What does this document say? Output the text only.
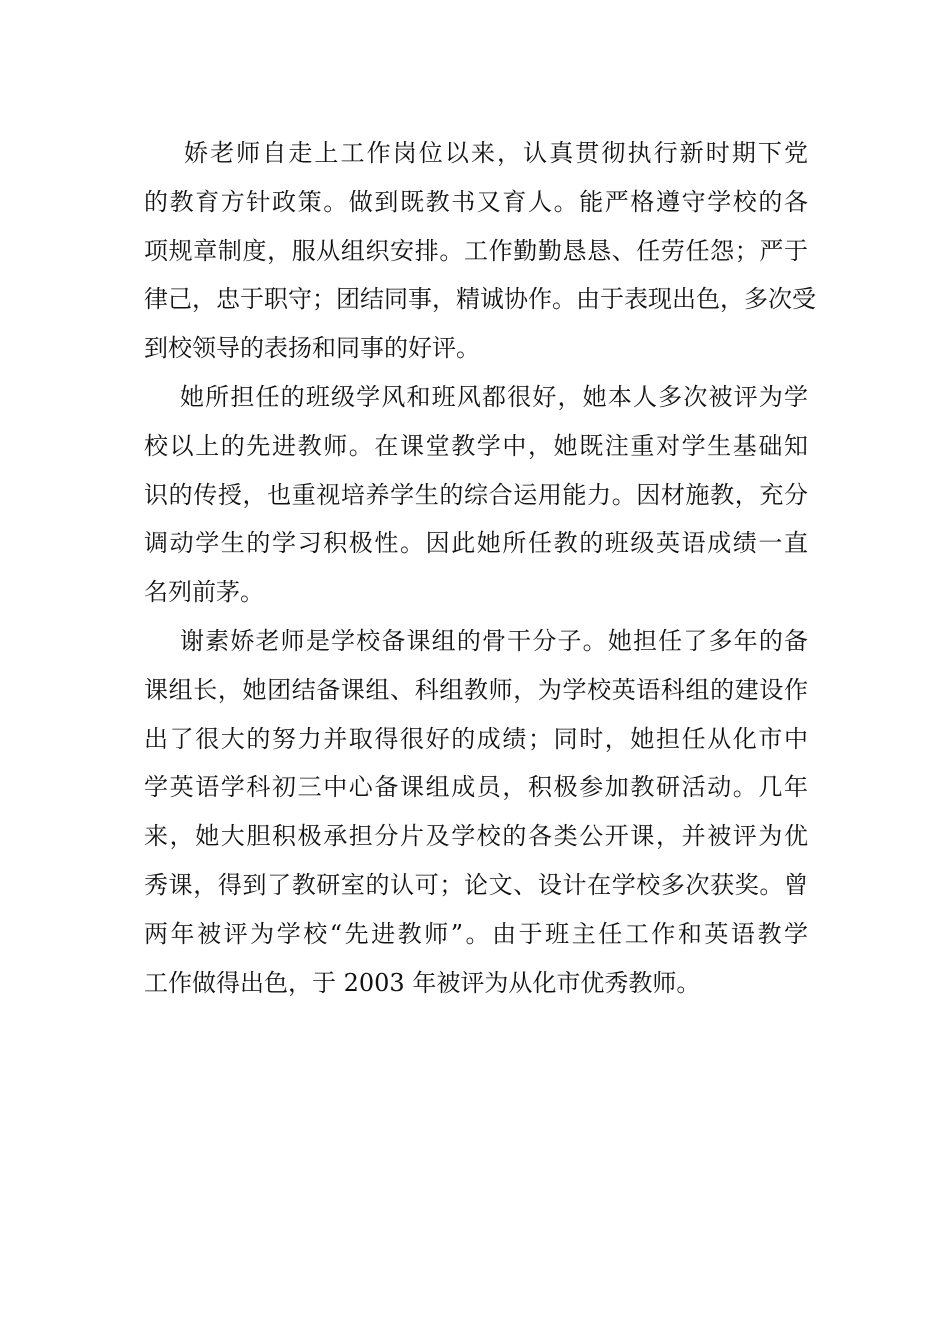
娇老师自走上工作岗位以来，认真贯彻执行新时期下党
的教育方针政策。做到既教书又育人。能严格遵守学校的各
项规章制度，服从组织安排。工作勤勤恳恳、任劳任怨；严于
律己，忠于职守；团结同事，精诚协作。由于表现出色，多次受
到校领导的表扬和同事的好评。
她所担任的班级学风和班风都很好，她本人多次被评为学
校以上的先进教师。在课堂教学中，她既注重对学生基础知
识的传授，也重视培养学生的综合运用能力。因材施教，充分
调动学生的学习积极性。因此她所任教的班级英语成绩一直
名列前茅。
谢素娇老师是学校备课组的骨干分子。她担任了多年的备
课组长，她团结备课组、科组教师，为学校英语科组的建设作
出了很大的努力并取得很好的成绩；同时，她担任从化市中
学英语学科初三中心备课组成员，积极参加教研活动。几年
来，她大胆积极承担分片及学校的各类公开课，并被评为优
秀课，得到了教研室的认可；论文、设计在学校多次获奖。曾
两年被评为学校“先进教师”。由于班主任工作和英语教学
工作做得出色，于 2003 年被评为从化市优秀教师。
